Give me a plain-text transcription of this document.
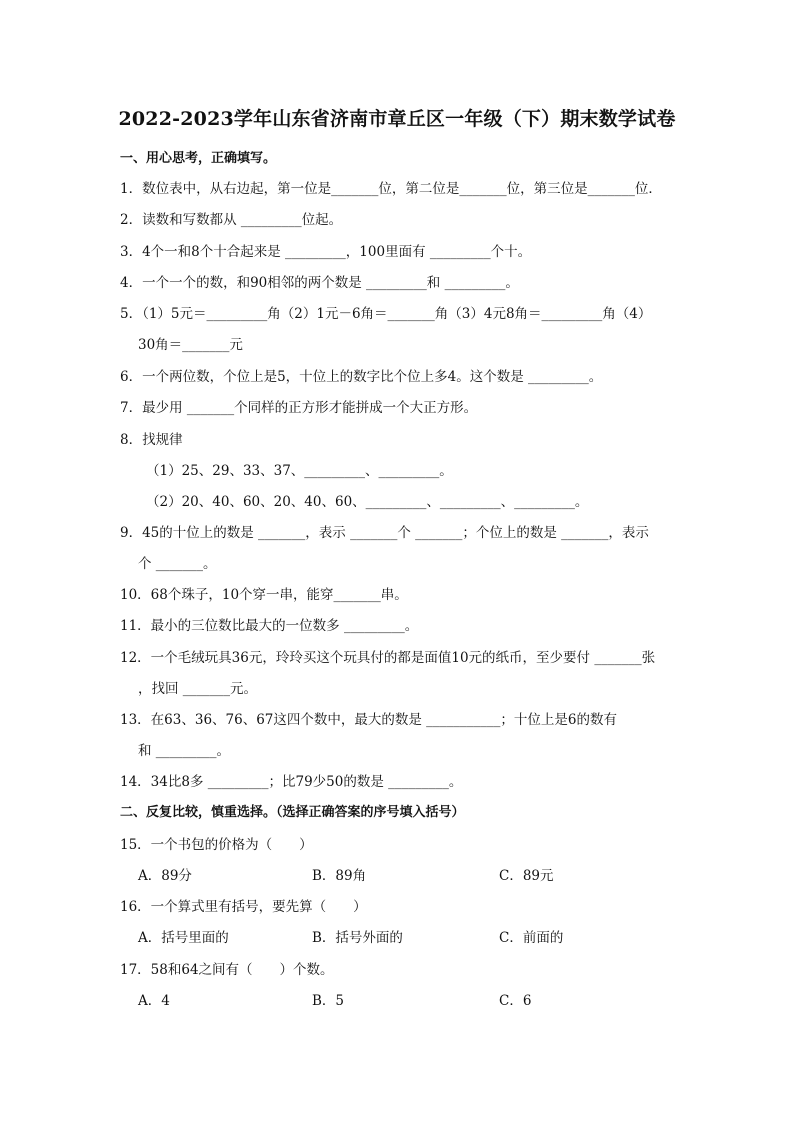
2022-2023学年山东省济南市章丘区一年级（下）期末数学试卷
一、用心思考，正确填写。
1．数位表中，从右边起，第一位是_______位，第二位是_______位，第三位是_______位．
2．读数和写数都从 _________位起。
3．4个一和8个十合起来是 _________，100里面有 _________个十。
4．一个一个的数，和90相邻的两个数是 _________和 _________。
5．（1）5元＝_________角（2）1元－6角＝_______角（3）4元8角＝_________角（4）
30角＝_______元
6．一个两位数，个位上是5，十位上的数字比个位上多4。这个数是 _________。
7．最少用 _______个同样的正方形才能拼成一个大正方形。
8．找规律
（1）25、29、33、37、_________、_________。
（2）20、40、60、20、40、60、_________、_________、_________。
9．45的十位上的数是 _______，表示 _______个 _______；个位上的数是 _______，表示
个 _______。
10．68个珠子，10个穿一串，能穿_______串。
11．最小的三位数比最大的一位数多 _________。
12．一个毛绒玩具36元，玲玲买这个玩具付的都是面值10元的纸币，至少要付 _______张
，找回 _______元。
13．在63、36、76、67这四个数中，最大的数是 ___________；十位上是6的数有
和 _________。
14．34比8多 _________；比79少50的数是 _________。
二、反复比较，慎重选择。（选择正确答案的序号填入括号）
15．一个书包的价格为（　　）
A．89分	B．89角	C．89元
16．一个算式里有括号，要先算（　　）
A．括号里面的	B．括号外面的	C．前面的
17．58和64之间有（　　）个数。
A．4	B．5	C．6
